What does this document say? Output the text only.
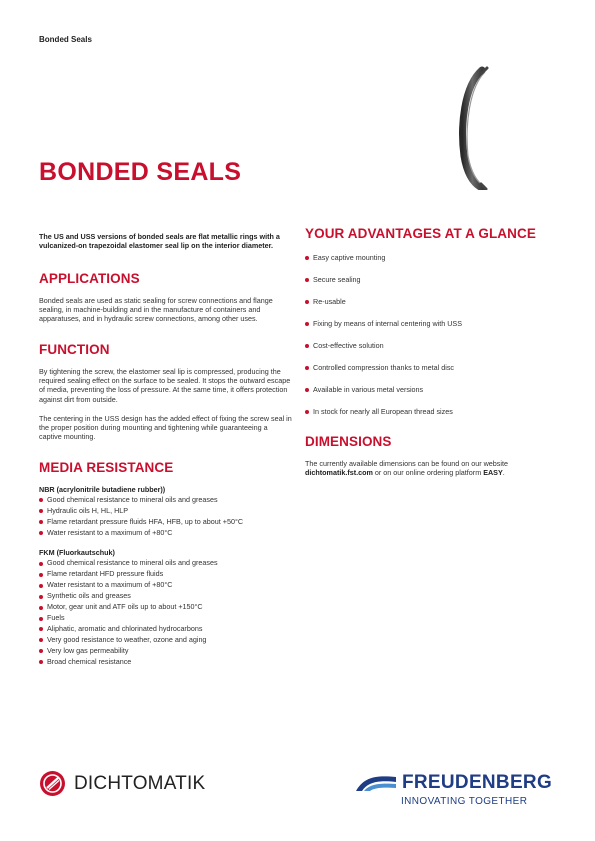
Bonded Seals
BONDED SEALS

The US and USS versions of bonded seals are flat metallic rings with a vulcanized-on trapezoidal elastomer seal lip on the interior diameter.

APPLICATIONS

Bonded seals are used as static sealing for screw connections and flange sealing, in machine-building and in the manufacture of containers and apparatuses, and in hydraulic screw connections, among other uses.

FUNCTION

By tightening the screw, the elastomer seal lip is compressed, producing the required sealing effect on the surface to be sealed. It stops the outward escape of media, preventing the loss of pressure. At the same time, it offers protection against dirt from outside.

The centering in the USS design has the added effect of fixing the screw seal in the proper position during mounting and tightening while guaranteeing a captive mounting.

MEDIA RESISTANCE
NBR (acrylonitrile butadiene rubber))
Good chemical resistance to mineral oils and greases
Hydraulic oils H, HL, HLP
Flame retardant pressure fluids HFA, HFB, up to about +50°C
Water resistant to a maximum of +80°C
FKM (Fluorkautschuk)
Good chemical resistance to mineral oils and greases
Flame retardant HFD pressure fluids
Water resistant to a maximum of +80°C
Synthetic oils and greases
Motor, gear unit and ATF oils up to about +150°C
Fuels
Aliphatic, aromatic and chlorinated hydrocarbons
Very good resistance to weather, ozone and aging
Very low gas permeability
Broad chemical resistance
YOUR ADVANTAGES AT A GLANCE
Easy captive mounting
Secure sealing
Re-usable
Fixing by means of internal centering with USS
Cost-effective solution
Controlled compression thanks to metal disc
Available in various metal versions
In stock for nearly all European thread sizes
DIMENSIONS

The currently available dimensions can be found on our website dichtomatik.fst.com or on our online ordering platform EASY.

DICHTOMATIK	FREUDENBERG
INNOVATING TOGETHER
